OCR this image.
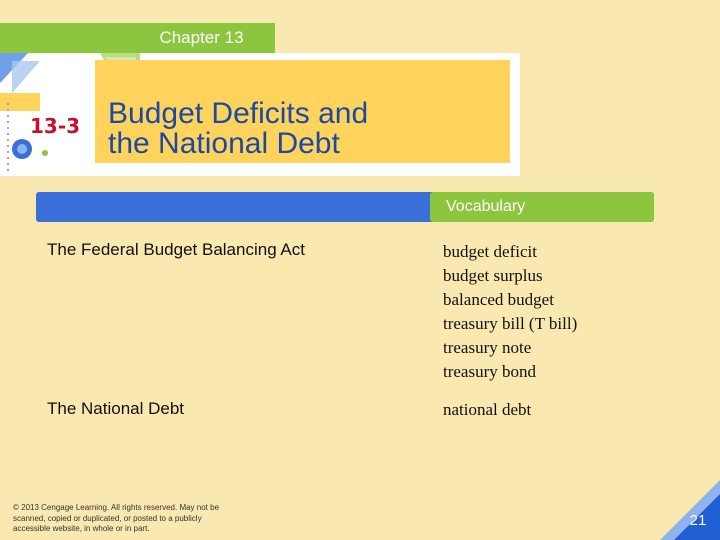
Chapter 13
13-3 Budget Deficits and
the National Debt
Vocabulary
The Federal Budget Balancing Act	budget deficit
budget surplus
balanced budget
treasury bill (T bill)
treasury note
treasury bond
The National Debt	national debt
© 2013 Cengage Learning. All rights reserved. May not be
scanned, copied or duplicated, or posted to a publicly
accessible website, in whole or in part.	21
